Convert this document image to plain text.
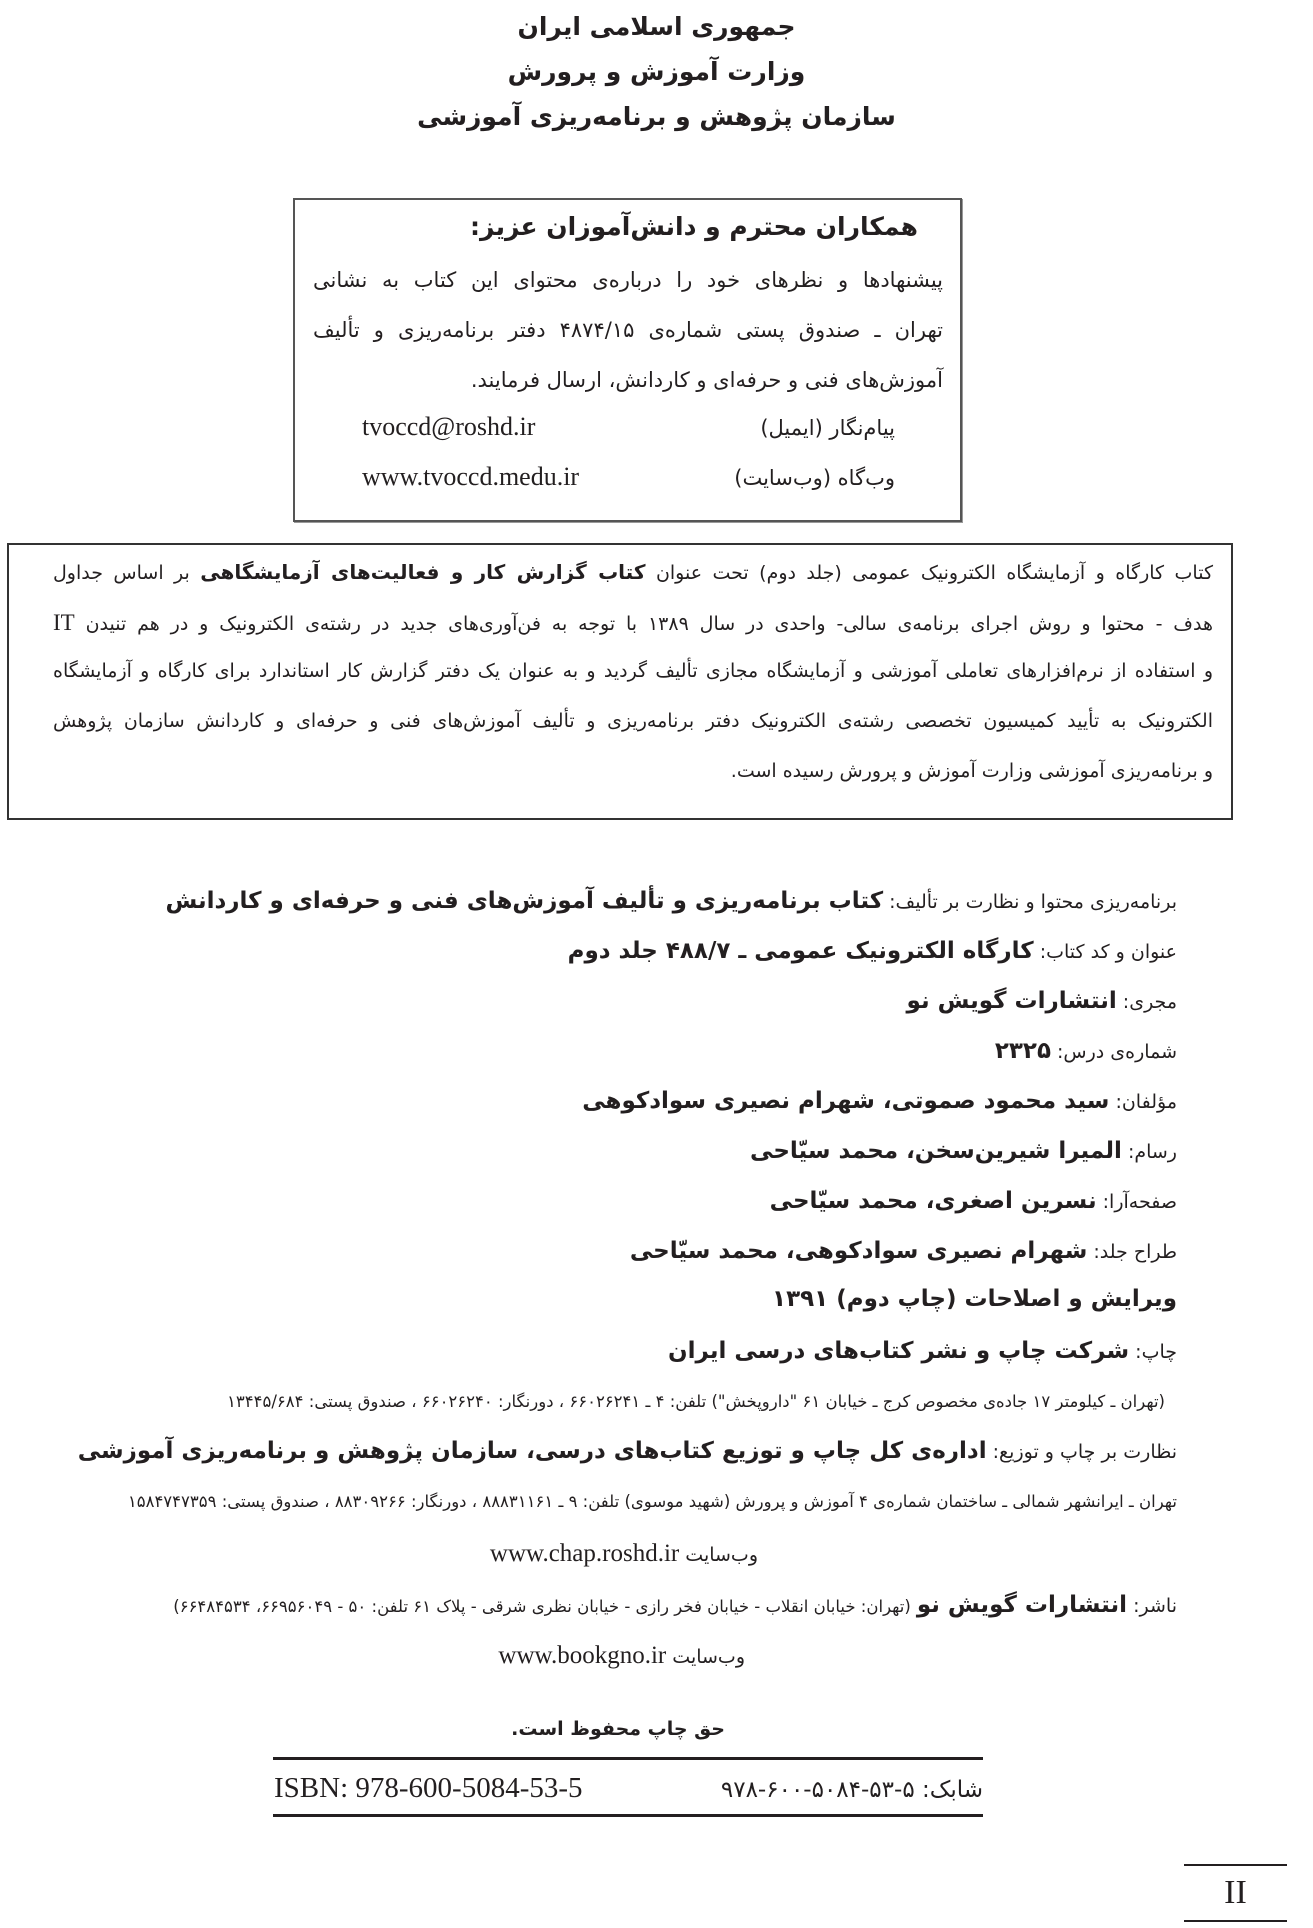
جمهوری اسلامی ایران
وزارت آموزش و پرورش
سازمان پژوهش و برنامه‌ریزی آموزشی
همکاران محترم و دانش‌آموزان عزیز:
پیشنهادها و نظرهای خود را درباره‌ی محتوای این کتاب به نشانی
تهران ـ صندوق پستی شماره‌ی ۴۸۷۴/۱۵ دفتر برنامه‌ریزی و تألیف
آموزش‌های فنی و حرفه‌ای و کاردانش، ارسال فرمایند.
پیام‌نگار (ایمیل)
tvoccd@roshd.ir
وب‌گاه (وب‌سایت)
www.tvoccd.medu.ir
کتاب کارگاه و آزمایشگاه الکترونیک عمومی (جلد دوم) تحت عنوان کتاب گزارش کار و فعالیت‌های آزمایشگاهی بر اساس جداول
هدف - محتوا و روش اجرای برنامه‌ی سالی- واحدی در سال ۱۳۸۹ با توجه به فن‌آوری‌های جدید در رشته‌ی الکترونیک و در هم تنیدن IT
و استفاده از نرم‌افزارهای تعاملی آموزشی و آزمایشگاه مجازی تألیف گردید و به عنوان یک دفتر گزارش کار استاندارد برای کارگاه و آزمایشگاه
الکترونیک به تأیید کمیسیون تخصصی رشته‌ی الکترونیک دفتر برنامه‌ریزی و تألیف آموزش‌های فنی و حرفه‌ای و کاردانش سازمان پژوهش
و برنامه‌ریزی آموزشی وزارت آموزش و پرورش رسیده است.
برنامه‌ریزی محتوا و نظارت بر تألیف: کتاب برنامه‌ریزی و تألیف آموزش‌های فنی و حرفه‌ای و کاردانش
عنوان و کد کتاب: کارگاه الکترونیک عمومی ـ ۴۸۸/۷ جلد دوم
مجری: انتشارات گویش نو
شماره‌ی درس: ۲۳۲۵
مؤلفان: سید محمود صموتی، شهرام نصیری سوادکوهی
رسام: المیرا شیرین‌سخن، محمد سیّاحی
صفحه‌آرا: نسرین اصغری، محمد سیّاحی
طراح جلد: شهرام نصیری سوادکوهی، محمد سیّاحی
ویرایش و اصلاحات (چاپ دوم) ۱۳۹۱
چاپ: شرکت چاپ و نشر کتاب‌های درسی ایران
(تهران ـ کیلومتر ۱۷ جاده‌ی مخصوص کرج ـ خیابان ۶۱ "داروپخش") تلفن: ۴ ـ ۶۶۰۲۶۲۴۱ ، دورنگار: ۶۶۰۲۶۲۴۰ ، صندوق پستی: ۱۳۴۴۵/۶۸۴
نظارت بر چاپ و توزیع: اداره‌ی کل چاپ و توزیع کتاب‌های درسی، سازمان پژوهش و برنامه‌ریزی آموزشی
تهران ـ ایرانشهر شمالی ـ ساختمان شماره‌ی ۴ آموزش و پرورش (شهید موسوی) تلفن: ۹ ـ ۸۸۸۳۱۱۶۱ ، دورنگار: ۸۸۳۰۹۲۶۶ ، صندوق پستی: ۱۵۸۴۷۴۷۳۵۹
وب‌سایت www.chap.roshd.ir
ناشر: انتشارات گویش نو (تهران: خیابان انقلاب - خیابان فخر رازی - خیابان نظری شرقی - پلاک ۶۱ تلفن: ۵۰ - ۶۶۹۵۶۰۴۹، ۶۶۴۸۴۵۳۴)
وب‌سایت www.bookgno.ir
حق چاپ محفوظ است.
شابک: ۹۷۸-۶۰۰-۵۰۸۴-۵۳-۵
ISBN: 978-600-5084-53-5
II
